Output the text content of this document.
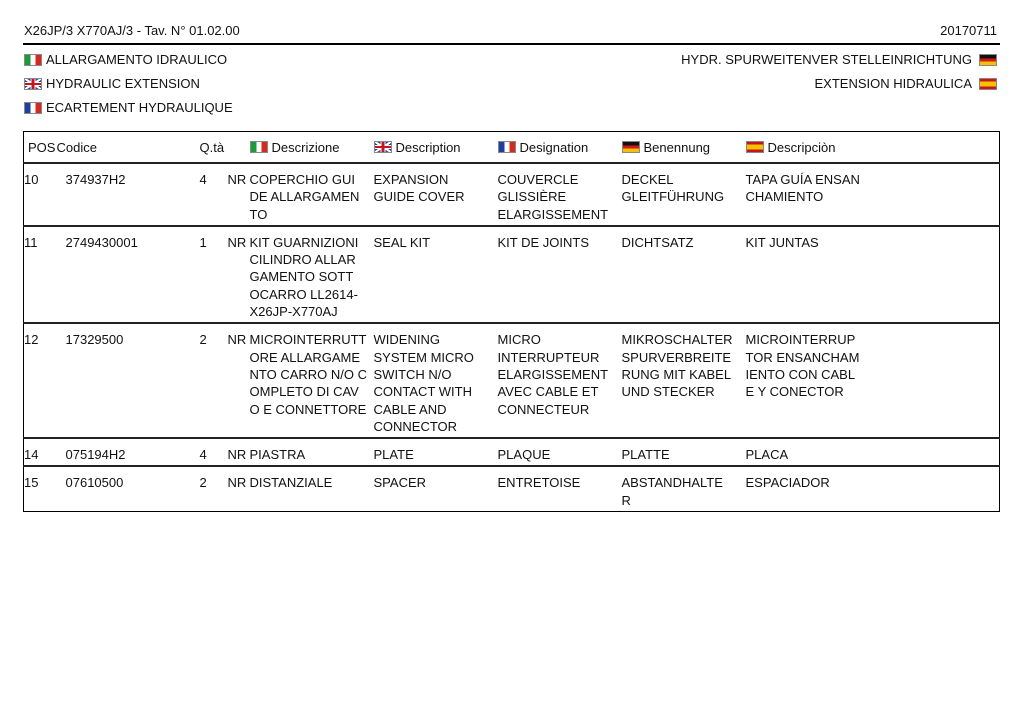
X26JP/3 X770AJ/3 - Tav. N° 01.02.00	20170711
ALLARGAMENTO IDRAULICO
HYDRAULIC EXTENSION
ECARTEMENT HYDRAULIQUE
HYDR. SPURWEITENVER STELLEINRICHTUNG
EXTENSION HIDRAULICA
POS	Codice	Q.tà		Descrizione	Description	Designation	Benennung	Descripciòn
10	374937H2	4	NR	COPERCHIO GUIDE ALLARGAMENTO	EXPANSION GUIDE COVER	COUVERCLE GLISSIÈRE ELARGISSEMENT	DECKEL GLEITFÜHRUNG	TAPA GUÍA ENSANCHAMIENTO

11	2749430001	1	NR	KIT GUARNIZIONI CILINDRO ALLARGAMENTO SOTTOCARRO LL2614-X26JP-X770AJ	SEAL KIT	KIT DE JOINTS	DICHTSATZ	KIT JUNTAS

12	17329500	2	NR	MICROINTERRUTTORE ALLARGAMENTO CARRO N/O COMPLETO DI CAVO E CONNETTORE	WIDENING SYSTEM MICRO SWITCH N/O CONTACT WITH CABLE AND CONNECTOR	MICRO INTERRUPTEUR ELARGISSEMENT AVEC CABLE ET CONNECTEUR	MIKROSCHALTER SPURVERBREITERUNG MIT KABEL UND STECKER	MICROINTERRUPTOR ENSANCHAMIENTO CON CABLE Y CONECTOR

14	075194H2	4	NR	PIASTRA	PLATE	PLAQUE	PLATTE	PLACA

15	07610500	2	NR	DISTANZIALE	SPACER	ENTRETOISE	ABSTANDHALTER	ESPACIADOR
